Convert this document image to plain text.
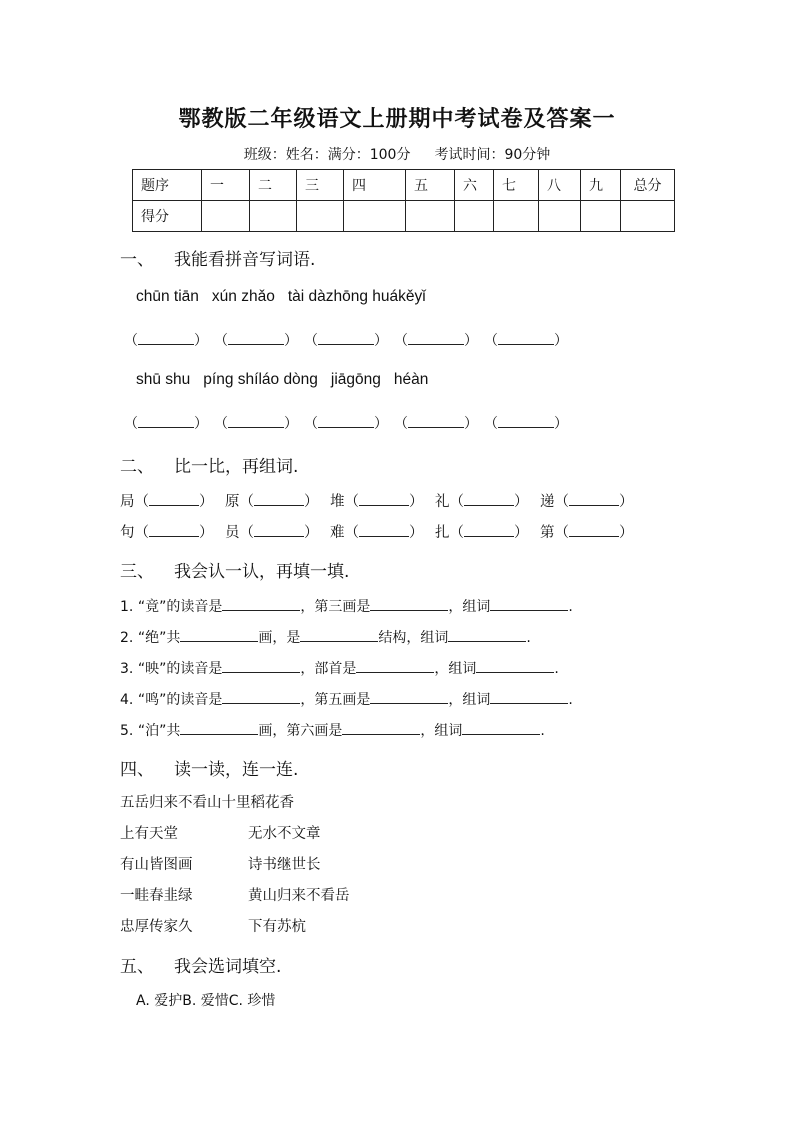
鄂教版二年级语文上册期中考试卷及答案一
班级：姓名：满分：100分 考试时间：90分钟
题序	一	二	三	四	五	六	七	八	九	总分
得分										
一、 我能看拼音写词语.
chūn tiān xún zhǎo tài dàzhōng huákěyǐ
（	） （	） （	） （	） （	）
shū shu píng shíláo dòng jiāgōng héàn
（	） （	） （	） （	） （	）
二、 比一比，再组词.
局（	） 原（	） 堆（	） 礼（	） 递（	）
句（	） 员（	） 难（	） 扎（	） 第（	）
三、 我会认一认，再填一填.
1. “竟”的读音是	，第三画是	，组词	.
2. “绝”共	画，是	结构，组词	.
3. “映”的读音是	，部首是	，组词	.
4. “鸣”的读音是	，第五画是	，组词	.
5. “泊”共	画，第六画是	，组词	.
四、 读一读，连一连.
五岳归来不看山十里稻花香
上有天堂	无水不文章
有山皆图画	诗书继世长
一畦春韭绿	黄山归来不看岳
忠厚传家久	下有苏杭
五、 我会选词填空.
A. 爱护B. 爱惜C. 珍惜
